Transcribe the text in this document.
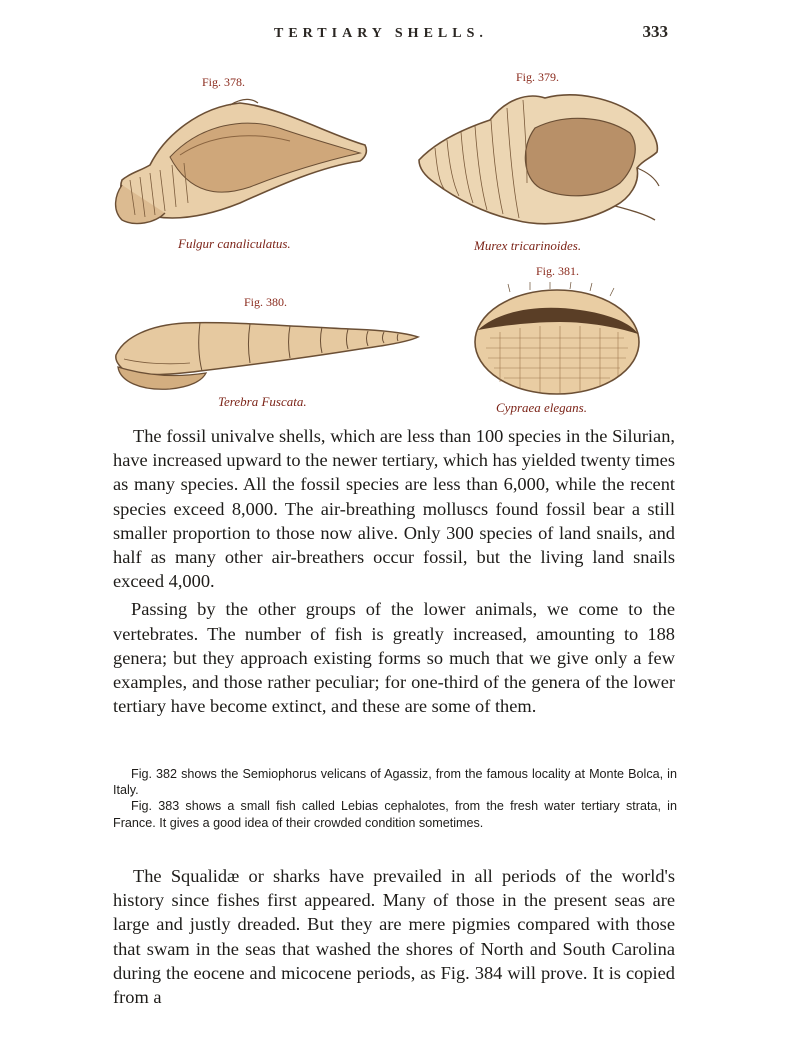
TERTIARY SHELLS.	333
Fig. 378.
Fulgur canaliculatus.
Fig. 379.
Murex tricarinoides.
Fig. 380.
Terebra Fuscata.
Fig. 381.
Cypraea elegans.

The fossil univalve shells, which are less than 100 species in the Silurian, have increased upward to the newer tertiary, which has yielded twenty times as many species. All the fossil species are less than 6,000, while the recent species exceed 8,000. The air-breathing molluscs found fossil bear a still smaller proportion to those now alive. Only 300 species of land snails, and half as many other air-breathers occur fossil, but the living land snails exceed 4,000.

Passing by the other groups of the lower animals, we come to the vertebrates. The number of fish is greatly increased, amounting to 188 genera; but they approach existing forms so much that we give only a few examples, and those rather peculiar; for one-third of the genera of the lower tertiary have become extinct, and these are some of them.

Fig. 382 shows the Semiophorus velicans of Agassiz, from the famous locality at Monte Bolca, in Italy.

Fig. 383 shows a small fish called Lebias cephalotes, from the fresh water tertiary strata, in France. It gives a good idea of their crowded condition sometimes.

The Squalidæ or sharks have prevailed in all periods of the world's history since fishes first appeared. Many of those in the present seas are large and justly dreaded. But they are mere pigmies compared with those that swam in the seas that washed the shores of North and South Carolina during the eocene and micocene periods, as Fig. 384 will prove. It is copied from a
